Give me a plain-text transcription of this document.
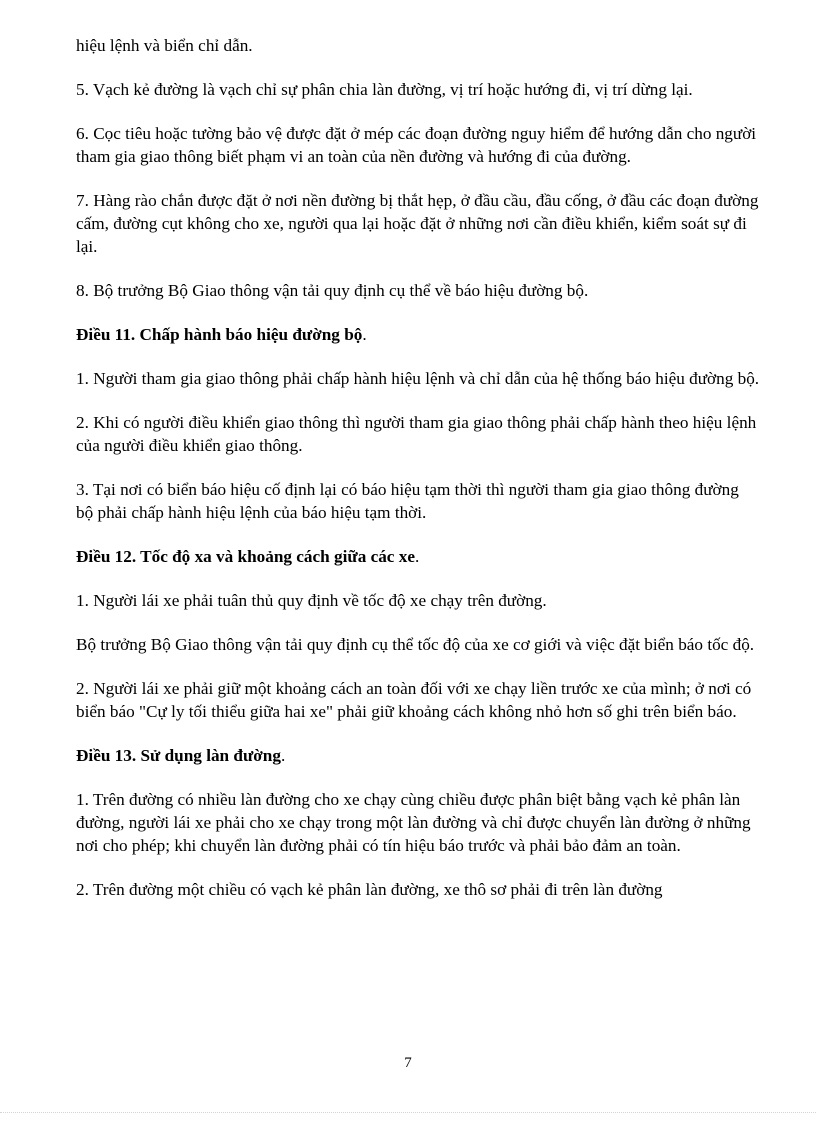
hiệu lệnh và biển chỉ dẫn.

5. Vạch kẻ đường là vạch chỉ sự phân chia làn đường, vị trí hoặc hướng đi, vị trí dừng lại.

6. Cọc tiêu hoặc tường bảo vệ được đặt ở mép các đoạn đường nguy hiểm để hướng dẫn cho người tham gia giao thông biết phạm vi an toàn của nền đường và hướng đi của đường.

7. Hàng rào chắn được đặt ở nơi nền đường bị thắt hẹp, ở đầu cầu, đầu cống, ở đầu các đoạn đường cấm, đường cụt không cho xe, người qua lại hoặc đặt ở những nơi cần điều khiển, kiểm soát sự đi lại.

8. Bộ trưởng Bộ Giao thông vận tải quy định cụ thể về báo hiệu đường bộ.

Điều 11. Chấp hành báo hiệu đường bộ.

1. Người tham gia giao thông phải chấp hành hiệu lệnh và chỉ dẫn của hệ thống báo hiệu đường bộ.

2. Khi có người điều khiển giao thông thì người tham gia giao thông phải chấp hành theo hiệu lệnh của người điều khiển giao thông.

3. Tại nơi có biển báo hiệu cố định lại có báo hiệu tạm thời thì người tham gia giao thông đường bộ phải chấp hành hiệu lệnh của báo hiệu tạm thời.

Điều 12. Tốc độ xa và khoảng cách giữa các xe.

1. Người lái xe phải tuân thủ quy định về tốc độ xe chạy trên đường.

Bộ trưởng Bộ Giao thông vận tải quy định cụ thể tốc độ của xe cơ giới và việc đặt biển báo tốc độ.

2. Người lái xe phải giữ một khoảng cách an toàn đối với xe chạy liền trước xe của mình; ở nơi có biển báo "Cự ly tối thiểu giữa hai xe" phải giữ khoảng cách không nhỏ hơn số ghi trên biển báo.

Điều 13. Sử dụng làn đường.

1. Trên đường có nhiều làn đường cho xe chạy cùng chiều được phân biệt bằng vạch kẻ phân làn đường, người lái xe phải cho xe chạy trong một làn đường và chỉ được chuyển làn đường ở những nơi cho phép; khi chuyển làn đường phải có tín hiệu báo trước và phải bảo đảm an toàn.

2. Trên đường một chiều có vạch kẻ phân làn đường, xe thô sơ phải đi trên làn đường

7
